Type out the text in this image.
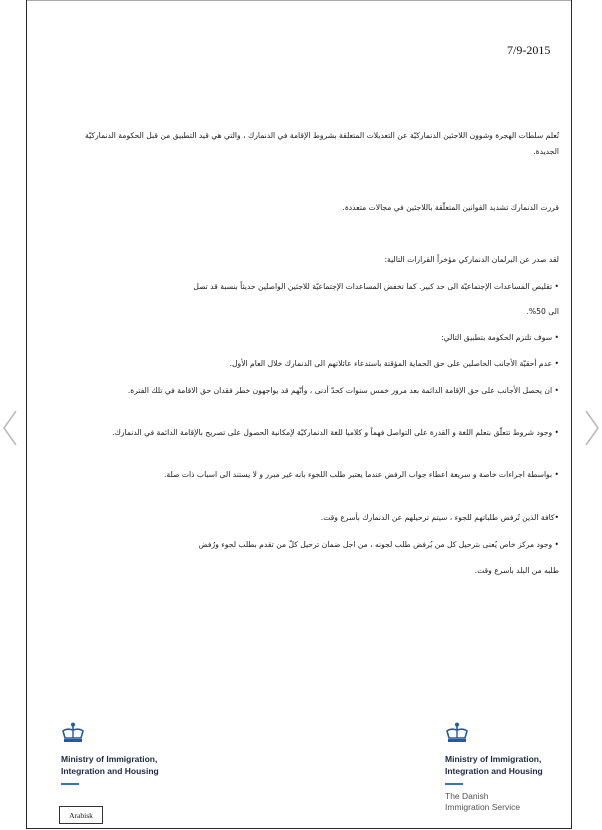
7/9-2015
تُعلم سلطات الهجرة وشوون اللاجئين الدنماركيّة عن التعديلات المتعلقة بشروط الإقامة في الدنمارك ، والتي هي قيد التطبيق من قبل الحكومة الدنماركيّة الجديدة.
قررت الدنمارك تشديد القوانين المتعلّقة باللاجئين في مجالات متعددة.
لقد صدر عن البرلمان الدنماركي مؤخراً القرارات التالية:
• تقليص المساعدات الإجتماعيّة الى حد كبير. كما تخفض المساعدات الإجتماعيّة للاجئين الواصلين حديثاً بنسبة قد تصل
الى 50%.
• سوف تلتزم الحكومة بتطبيق التالي:
• عدم أحقيّة الأجانب الحاصلين على حق الحماية المؤقتة باستدعاء عائلاتهم الى الدنمارك خلال العام الأول.
• ان يحصل الأجانب على حق الإقامة الدائمة بعد مرور خمس سنوات كحدّ أدنى ، وأنّهم قد يواجهون خطر فقدان حق الاقامة في تلك الفترة.
• وجود شروط تتعلّق بتعلم اللغة و القدرة على التواصل فهماً و كلاميا للغة الدنماركيّة لإمكانية الحصول على تصريح بالإقامة الدائمة في الدنمارك.
• بواسطة اجراءات خاصة و سريعة اعطاء جواب الرفض عندما يعتبر طلب اللجوء بانه غير مبرر و لا يستند الى اسباب ذات صلة.
•كافة الذين تُرفض طلباتهم للجوء ، سيتم ترحيلهم عن الدنمارك بأسرع وقت.
• وجود مركز خاص يُعنى بترحيل كل من يُرفض طلب لجونه ، من اجل ضمان ترحيل كلّ من تقدم بطلب لجوء ورُفض
طلبه من البلد باسرع وقت.
Ministry of Immigration,
Integration and Housing
Ministry of Immigration,
Integration and Housing
The Danish
Immigration Service
Arabisk
